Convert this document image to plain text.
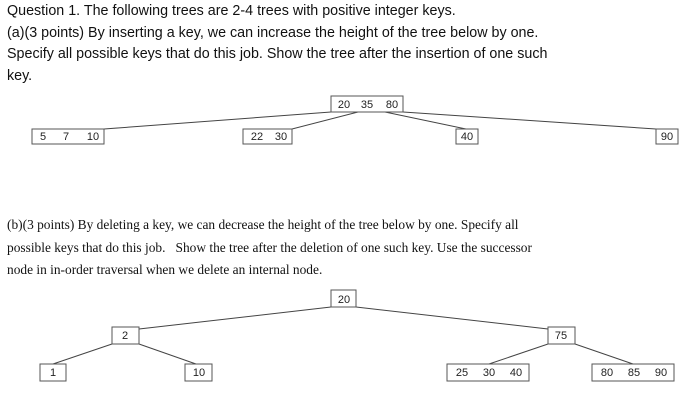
Question 1. The following trees are 2-4 trees with positive integer keys.
(a)(3 points) By inserting a key, we can increase the height of the tree below by one.
Specify all possible keys that do this job. Show the tree after the insertion of one such
key.
20 35 80
5 7 10	22 30	40	90
(b)(3 points) By deleting a key, we can decrease the height of the tree below by one. Specify all
possible keys that do this job.   Show the tree after the deletion of one such key. Use the successor
node in in-order traversal when we delete an internal node.
20
2	75
1	10	25 30 40	80 85 90
